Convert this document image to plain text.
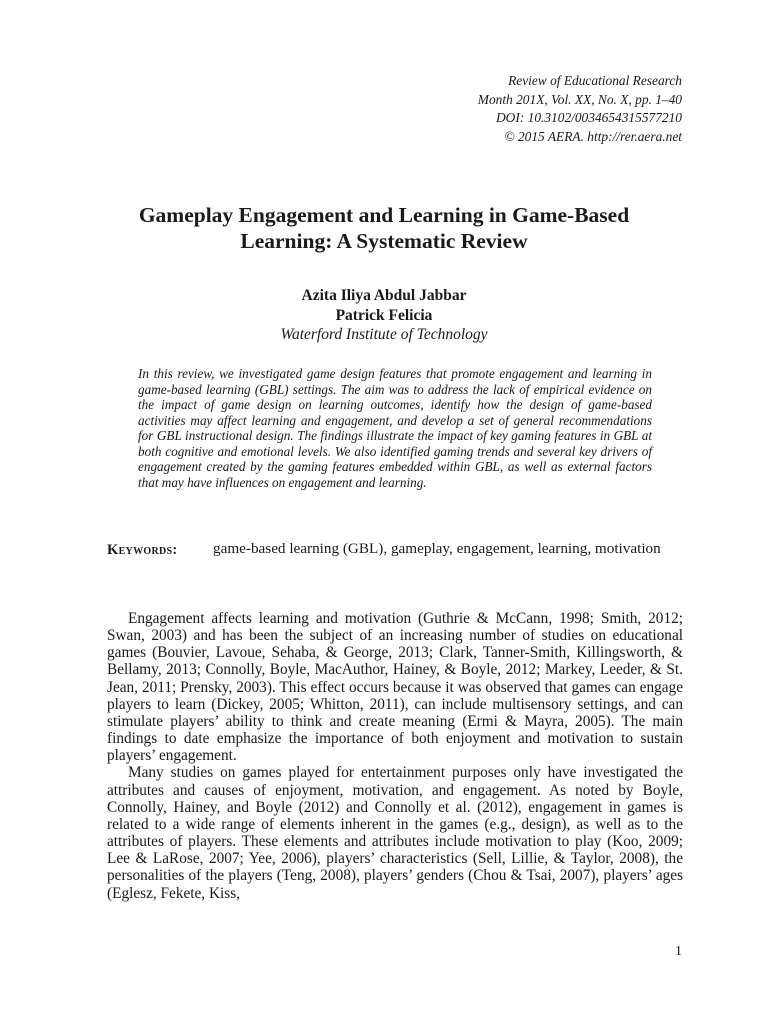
Review of Educational Research
Month 201X, Vol. XX, No. X, pp. 1–40
DOI: 10.3102/0034654315577210
© 2015 AERA. http://rer.aera.net
Gameplay Engagement and Learning in Game-Based Learning: A Systematic Review
Azita Iliya Abdul Jabbar
Patrick Felicia
Waterford Institute of Technology

In this review, we investigated game design features that promote engagement and learning in game-based learning (GBL) settings. The aim was to address the lack of empirical evidence on the impact of game design on learning outcomes, identify how the design of game-based activities may affect learning and engagement, and develop a set of general recommendations for GBL instructional design. The findings illustrate the impact of key gaming features in GBL at both cognitive and emotional levels. We also identified gaming trends and several key drivers of engagement created by the gaming features embedded within GBL, as well as external factors that may have influences on engagement and learning.

Keywords:	game-based learning (GBL), gameplay, engagement, learning, motivation

Engagement affects learning and motivation (Guthrie & McCann, 1998; Smith, 2012; Swan, 2003) and has been the subject of an increasing number of studies on educational games (Bouvier, Lavoue, Sehaba, & George, 2013; Clark, Tanner-Smith, Killingsworth, & Bellamy, 2013; Connolly, Boyle, MacAuthor, Hainey, & Boyle, 2012; Markey, Leeder, & St. Jean, 2011; Prensky, 2003). This effect occurs because it was observed that games can engage players to learn (Dickey, 2005; Whitton, 2011), can include multisensory settings, and can stimulate players’ ability to think and create meaning (Ermi & Mayra, 2005). The main findings to date emphasize the importance of both enjoyment and motivation to sustain players’ engagement.

Many studies on games played for entertainment purposes only have investigated the attributes and causes of enjoyment, motivation, and engagement. As noted by Boyle, Connolly, Hainey, and Boyle (2012) and Connolly et al. (2012), engagement in games is related to a wide range of elements inherent in the games (e.g., design), as well as to the attributes of players. These elements and attributes include motivation to play (Koo, 2009; Lee & LaRose, 2007; Yee, 2006), players’ characteristics (Sell, Lillie, & Taylor, 2008), the personalities of the players (Teng, 2008), players’ genders (Chou & Tsai, 2007), players’ ages (Eglesz, Fekete, Kiss,

1
